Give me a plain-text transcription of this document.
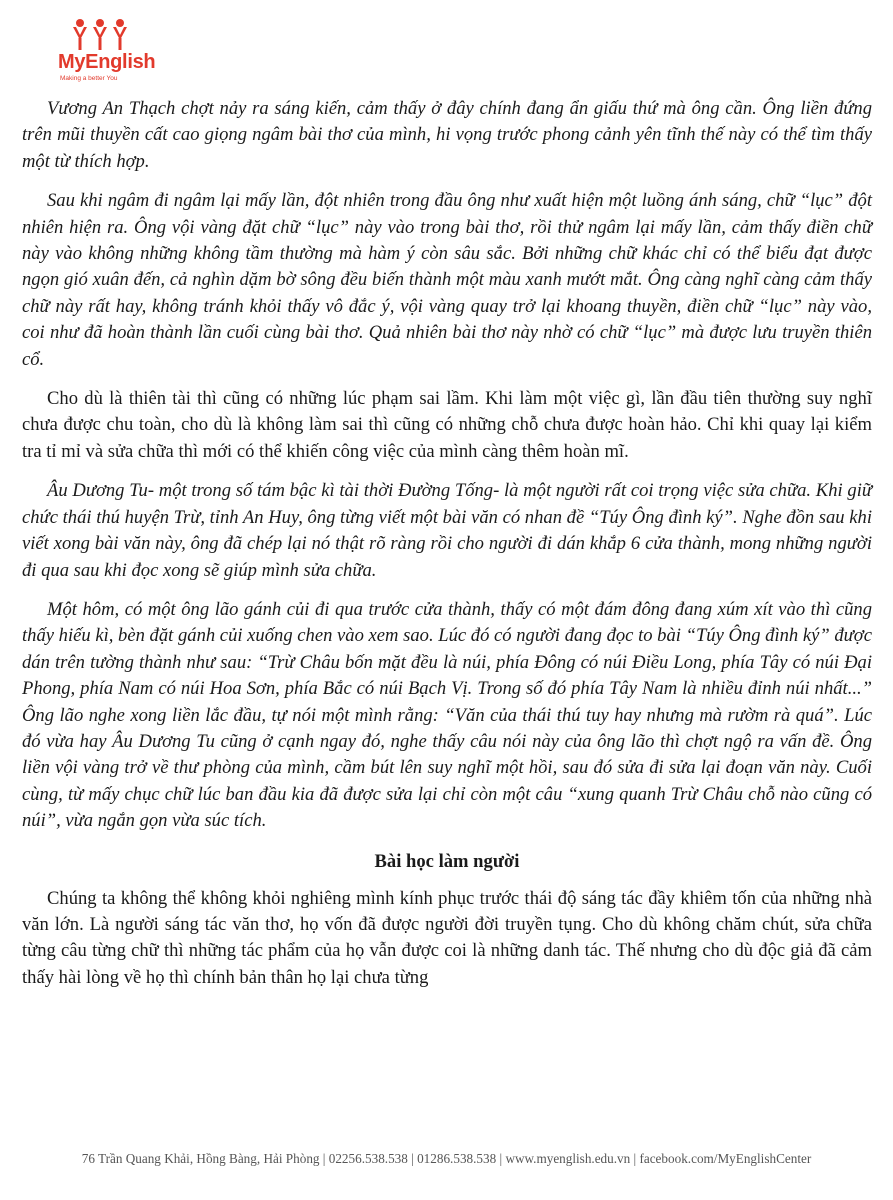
MyEnglish
Making a better You

Vương An Thạch chợt nảy ra sáng kiến, cảm thấy ở đây chính đang ẩn giấu thứ mà ông cần. Ông liền đứng trên mũi thuyền cất cao giọng ngâm bài thơ của mình, hi vọng trước phong cảnh yên tĩnh thế này có thể tìm thấy một từ thích hợp.

Sau khi ngâm đi ngâm lại mấy lần, đột nhiên trong đầu ông như xuất hiện một luồng ánh sáng, chữ “lục” đột nhiên hiện ra. Ông vội vàng đặt chữ “lục” này vào trong bài thơ, rồi thử ngâm lại mấy lần, cảm thấy điền chữ này vào không những không tầm thường mà hàm ý còn sâu sắc. Bởi những chữ khác chỉ có thể biểu đạt được ngọn gió xuân đến, cả nghìn dặm bờ sông đều biến thành một màu xanh mướt mắt. Ông càng nghĩ càng cảm thấy chữ này rất hay, không tránh khỏi thấy vô đắc ý, vội vàng quay trở lại khoang thuyền, điền chữ “lục” này vào, coi như đã hoàn thành lần cuối cùng bài thơ. Quả nhiên bài thơ này nhờ có chữ “lục” mà được lưu truyền thiên cổ.

Cho dù là thiên tài thì cũng có những lúc phạm sai lầm. Khi làm một việc gì, lần đầu tiên thường suy nghĩ chưa được chu toàn, cho dù là không làm sai thì cũng có những chỗ chưa được hoàn hảo. Chỉ khi quay lại kiểm tra tỉ mỉ và sửa chữa thì mới có thể khiến công việc của mình càng thêm hoàn mĩ.

Âu Dương Tu- một trong số tám bậc kì tài thời Đường Tống- là một người rất coi trọng việc sửa chữa. Khi giữ chức thái thú huyện Trừ, tỉnh An Huy, ông từng viết một bài văn có nhan đề “Túy Ông đình ký”. Nghe đồn sau khi viết xong bài văn này, ông đã chép lại nó thật rõ ràng rồi cho người đi dán khắp 6 cửa thành, mong những người đi qua sau khi đọc xong sẽ giúp mình sửa chữa.

Một hôm, có một ông lão gánh củi đi qua trước cửa thành, thấy có một đám đông đang xúm xít vào thì cũng thấy hiếu kì, bèn đặt gánh củi xuống chen vào xem sao. Lúc đó có người đang đọc to bài “Túy Ông đình ký” được dán trên tường thành như sau: “Trừ Châu bốn mặt đều là núi, phía Đông có núi Điều Long, phía Tây có núi Đại Phong, phía Nam có núi Hoa Sơn, phía Bắc có núi Bạch Vị. Trong số đó phía Tây Nam là nhiều đỉnh núi nhất...” Ông lão nghe xong liền lắc đầu, tự nói một mình rằng: “Văn của thái thú tuy hay nhưng mà rườm rà quá”. Lúc đó vừa hay Âu Dương Tu cũng ở cạnh ngay đó, nghe thấy câu nói này của ông lão thì chợt ngộ ra vấn đề. Ông liền vội vàng trở về thư phòng của mình, cầm bút lên suy nghĩ một hồi, sau đó sửa đi sửa lại đoạn văn này. Cuối cùng, từ mấy chục chữ lúc ban đầu kia đã được sửa lại chỉ còn một câu “xung quanh Trừ Châu chỗ nào cũng có núi”, vừa ngắn gọn vừa súc tích.

Bài học làm người

Chúng ta không thể không khỏi nghiêng mình kính phục trước thái độ sáng tác đầy khiêm tốn của những nhà văn lớn. Là người sáng tác văn thơ, họ vốn đã được người đời truyền tụng. Cho dù không chăm chút, sửa chữa từng câu từng chữ thì những tác phẩm của họ vẫn được coi là những danh tác. Thế nhưng cho dù độc giả đã cảm thấy hài lòng về họ thì chính bản thân họ lại chưa từng

76 Trần Quang Khải, Hồng Bàng, Hải Phòng | 02256.538.538 | 01286.538.538 | www.myenglish.edu.vn | facebook.com/MyEnglishCenter
